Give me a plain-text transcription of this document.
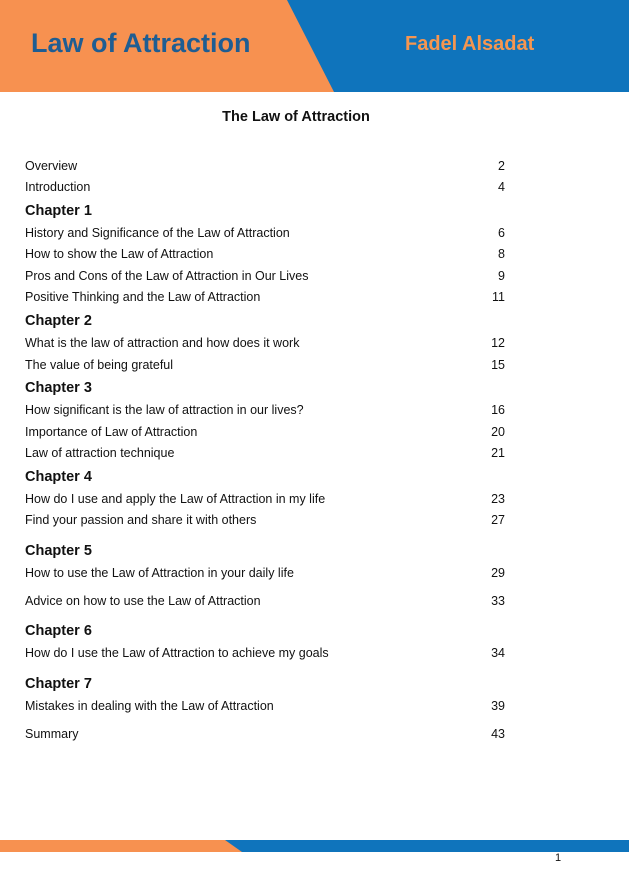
Law of Attraction	Fadel Alsadat
The Law of Attraction
Overview	2
Introduction	4
Chapter 1
History and Significance of the Law of Attraction	6
How to show the Law of Attraction	8
Pros and Cons of the Law of Attraction in Our Lives	9
Positive Thinking and the Law of Attraction	11
Chapter 2
What is the law of attraction and how does it work	12
The value of being grateful	15
Chapter 3
How significant is the law of attraction in our lives?	16
Importance of Law of Attraction	20
Law of attraction technique	21
Chapter 4
How do I use and apply the Law of Attraction in my life	23
Find your passion and share it with others	27
Chapter 5
How to use the Law of Attraction in your daily life	29
Advice on how to use the Law of Attraction	33
Chapter 6
How do I use the Law of Attraction to achieve my goals	34
Chapter 7
Mistakes in dealing with the Law of Attraction	39
Summary	43
1
